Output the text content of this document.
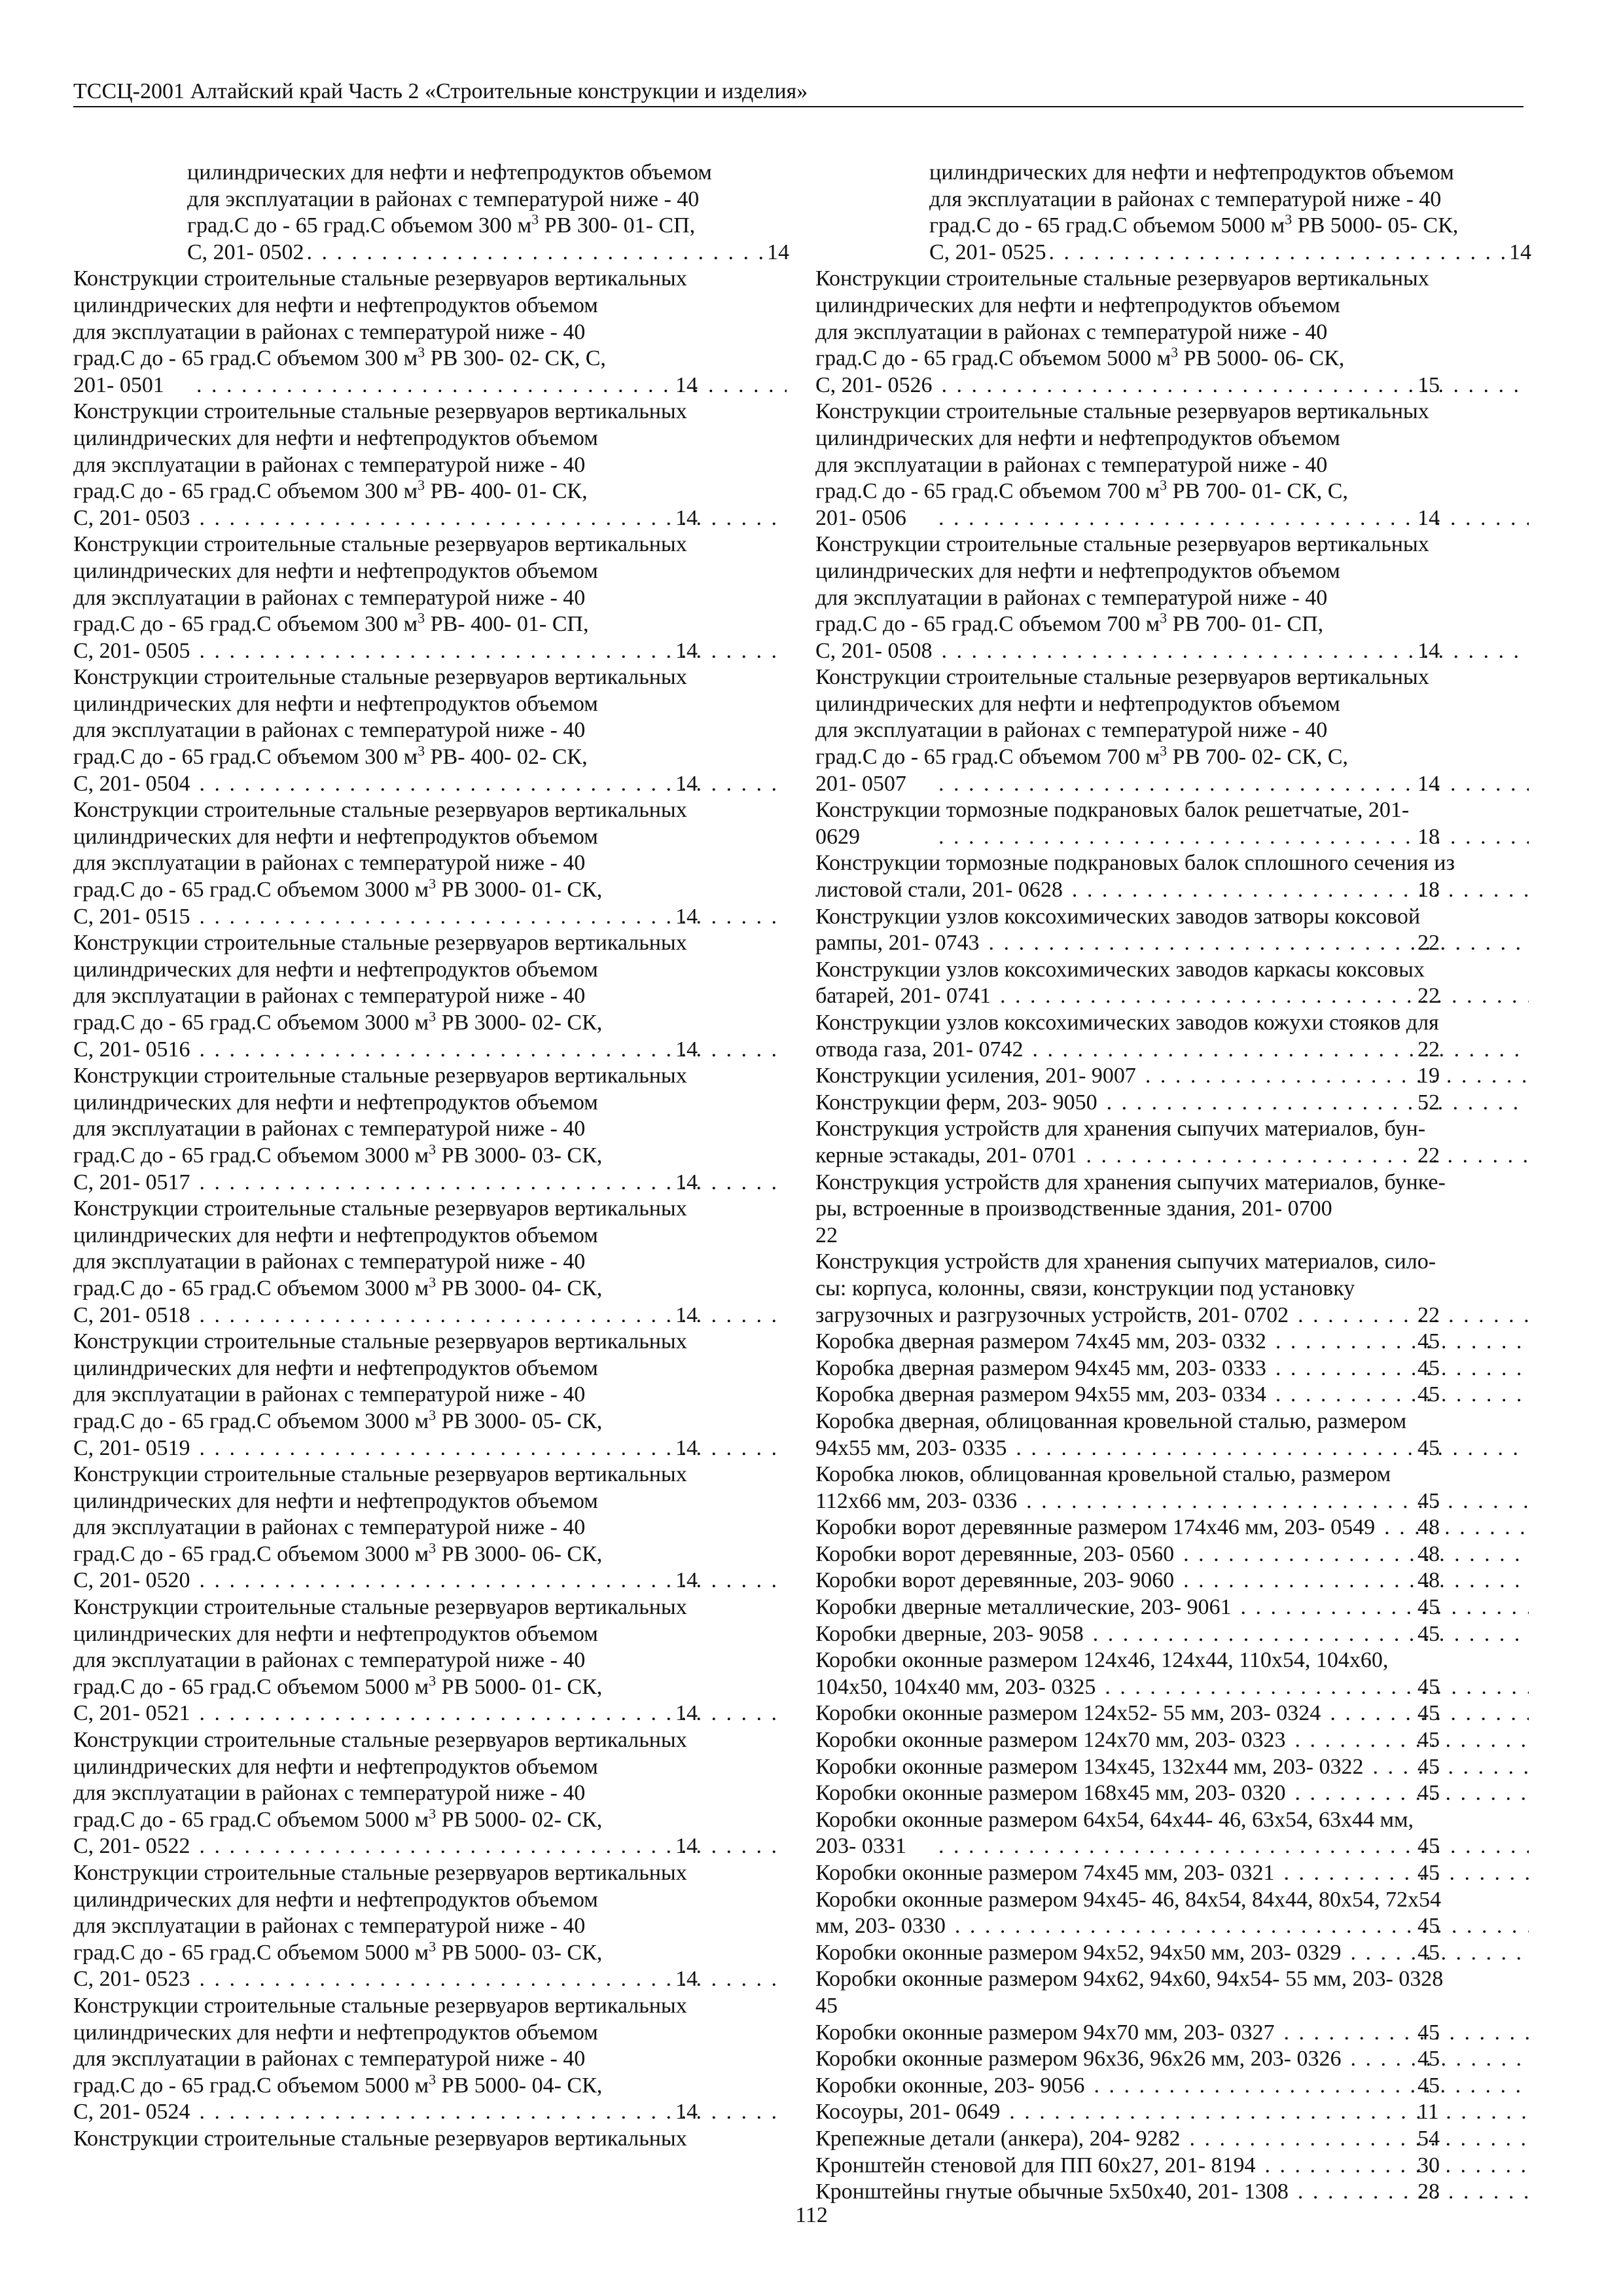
ТССЦ-2001 Алтайский край Часть 2 «Строительные конструкции и изделия»
цилиндрических для нефти и нефтепродуктов объемом
для эксплуатации в районах с температурой ниже - 40
град.С до - 65 град.С объемом 300 $м^3$ РВ 300- 01- СП,
С, 201- 0502 . . .	14
Конструкции строительные стальные резервуаров вертикальных
цилиндрических для нефти и нефтепродуктов объемом
для эксплуатации в районах с температурой ниже - 40
град.С до - 65 град.С объемом 300 $м^3$ РВ 300- 02- СК, С,
201- 0501 . . .	14
Конструкции строительные стальные резервуаров вертикальных
цилиндрических для нефти и нефтепродуктов объемом
для эксплуатации в районах с температурой ниже - 40
град.С до - 65 град.С объемом 300 $м^3$ РВ- 400- 01- СК,
С, 201- 0503 . . .	14
Конструкции строительные стальные резервуаров вертикальных
цилиндрических для нефти и нефтепродуктов объемом
для эксплуатации в районах с температурой ниже - 40
град.С до - 65 град.С объемом 300 $м^3$ РВ- 400- 01- СП,
С, 201- 0505 . . .	14
Конструкции строительные стальные резервуаров вертикальных
цилиндрических для нефти и нефтепродуктов объемом
для эксплуатации в районах с температурой ниже - 40
град.С до - 65 град.С объемом 300 $м^3$ РВ- 400- 02- СК,
С, 201- 0504 . . .	14
Конструкции строительные стальные резервуаров вертикальных
цилиндрических для нефти и нефтепродуктов объемом
для эксплуатации в районах с температурой ниже - 40
град.С до - 65 град.С объемом 3000 $м^3$ РВ 3000- 01- СК,
С, 201- 0515 . . .	14
Конструкции строительные стальные резервуаров вертикальных
цилиндрических для нефти и нефтепродуктов объемом
для эксплуатации в районах с температурой ниже - 40
град.С до - 65 град.С объемом 3000 $м^3$ РВ 3000- 02- СК,
С, 201- 0516 . . .	14
Конструкции строительные стальные резервуаров вертикальных
цилиндрических для нефти и нефтепродуктов объемом
для эксплуатации в районах с температурой ниже - 40
град.С до - 65 град.С объемом 3000 $м^3$ РВ 3000- 03- СК,
С, 201- 0517 . . .	14
Конструкции строительные стальные резервуаров вертикальных
цилиндрических для нефти и нефтепродуктов объемом
для эксплуатации в районах с температурой ниже - 40
град.С до - 65 град.С объемом 3000 $м^3$ РВ 3000- 04- СК,
С, 201- 0518 . . .	14
Конструкции строительные стальные резервуаров вертикальных
цилиндрических для нефти и нефтепродуктов объемом
для эксплуатации в районах с температурой ниже - 40
град.С до - 65 град.С объемом 3000 $м^3$ РВ 3000- 05- СК,
С, 201- 0519 . . .	14
Конструкции строительные стальные резервуаров вертикальных
цилиндрических для нефти и нефтепродуктов объемом
для эксплуатации в районах с температурой ниже - 40
град.С до - 65 град.С объемом 3000 $м^3$ РВ 3000- 06- СК,
С, 201- 0520 . . .	14
Конструкции строительные стальные резервуаров вертикальных
цилиндрических для нефти и нефтепродуктов объемом
для эксплуатации в районах с температурой ниже - 40
град.С до - 65 град.С объемом 5000 $м^3$ РВ 5000- 01- СК,
С, 201- 0521 . . .	14
Конструкции строительные стальные резервуаров вертикальных
цилиндрических для нефти и нефтепродуктов объемом
для эксплуатации в районах с температурой ниже - 40
град.С до - 65 град.С объемом 5000 $м^3$ РВ 5000- 02- СК,
С, 201- 0522 . . .	14
Конструкции строительные стальные резервуаров вертикальных
цилиндрических для нефти и нефтепродуктов объемом
для эксплуатации в районах с температурой ниже - 40
град.С до - 65 град.С объемом 5000 $м^3$ РВ 5000- 03- СК,
С, 201- 0523 . . .	14
Конструкции строительные стальные резервуаров вертикальных
цилиндрических для нефти и нефтепродуктов объемом
для эксплуатации в районах с температурой ниже - 40
град.С до - 65 град.С объемом 5000 $м^3$ РВ 5000- 04- СК,
С, 201- 0524 . . .	14
Конструкции строительные стальные резервуаров вертикальных
цилиндрических для нефти и нефтепродуктов объемом
для эксплуатации в районах с температурой ниже - 40
град.С до - 65 град.С объемом 5000 $м^3$ РВ 5000- 05- СК,
С, 201- 0525 . . .	14
Конструкции строительные стальные резервуаров вертикальных
цилиндрических для нефти и нефтепродуктов объемом
для эксплуатации в районах с температурой ниже - 40
град.С до - 65 град.С объемом 5000 $м^3$ РВ 5000- 06- СК,
С, 201- 0526 . . .	15
Конструкции строительные стальные резервуаров вертикальных
цилиндрических для нефти и нефтепродуктов объемом
для эксплуатации в районах с температурой ниже - 40
град.С до - 65 град.С объемом 700 $м^3$ РВ 700- 01- СК, С,
201- 0506 . . .	14
Конструкции строительные стальные резервуаров вертикальных
цилиндрических для нефти и нефтепродуктов объемом
для эксплуатации в районах с температурой ниже - 40
град.С до - 65 град.С объемом 700 $м^3$ РВ 700- 01- СП,
С, 201- 0508 . . .	14
Конструкции строительные стальные резервуаров вертикальных
цилиндрических для нефти и нефтепродуктов объемом
для эксплуатации в районах с температурой ниже - 40
град.С до - 65 град.С объемом 700 $м^3$ РВ 700- 02- СК, С,
201- 0507 . . .	14
Конструкции тормозные подкрановых балок решетчатые, 201-
0629 . . .	18
Конструкции тормозные подкрановых балок сплошного сечения из
листовой стали, 201- 0628 . . .	18
Конструкции узлов коксохимических заводов затворы коксовой
рампы, 201- 0743 . . .	22
Конструкции узлов коксохимических заводов каркасы коксовых
батарей, 201- 0741 . . .	22
Конструкции узлов коксохимических заводов кожухи стояков для
отвода газа, 201- 0742 . . .	22
Конструкции усиления, 201- 9007 . . .	19
Конструкции ферм, 203- 9050 . . .	52
Конструкция устройств для хранения сыпучих материалов, бун-
керные эстакады, 201- 0701 . . .	22
Конструкция устройств для хранения сыпучих материалов, бунке-
ры, встроенные в производственные здания, 201- 0700
22
Конструкция устройств для хранения сыпучих материалов, сило-
сы: корпуса, колонны, связи, конструкции под установку
загрузочных и разгрузочных устройств, 201- 0702 . . .	22
Коробка дверная размером 74х45 мм, 203- 0332 . . .	45
Коробка дверная размером 94х45 мм, 203- 0333 . . .	45
Коробка дверная размером 94х55 мм, 203- 0334 . . .	45
Коробка дверная, облицованная кровельной сталью, размером
94х55 мм, 203- 0335 . . .	45
Коробка люков, облицованная кровельной сталью, размером
112х66 мм, 203- 0336 . . .	45
Коробки ворот деревянные размером 174х46 мм, 203- 0549 . . . 48
Коробки ворот деревянные, 203- 0560 . . .	48
Коробки ворот деревянные, 203- 9060 . . .	48
Коробки дверные металлические, 203- 9061 . . .	45
Коробки дверные, 203- 9058 . . .	45
Коробки оконные размером 124х46, 124х44, 110х54, 104х60,
104х50, 104х40 мм, 203- 0325 . . .	45
Коробки оконные размером 124х52- 55 мм, 203- 0324 . . .	45
Коробки оконные размером 124х70 мм, 203- 0323 . . .	45
Коробки оконные размером 134х45, 132х44 мм, 203- 0322 . . . 45
Коробки оконные размером 168х45 мм, 203- 0320 . . .	45
Коробки оконные размером 64х54, 64х44- 46, 63х54, 63х44 мм,
203- 0331 . . .	45
Коробки оконные размером 74х45 мм, 203- 0321 . . .	45
Коробки оконные размером 94х45- 46, 84х54, 84х44, 80х54, 72х54
мм, 203- 0330 . . .	45
Коробки оконные размером 94х52, 94х50 мм, 203- 0329 . . .	45
Коробки оконные размером 94х62, 94х60, 94х54- 55 мм, 203- 0328
45
Коробки оконные размером 94х70 мм, 203- 0327 . . .	45
Коробки оконные размером 96х36, 96х26 мм, 203- 0326 . . .	45
Коробки оконные, 203- 9056 . . .	45
Косоуры, 201- 0649 . . .	11
Крепежные детали (анкера), 204- 9282 . . .	54
Кронштейн стеновой для ПП 60х27, 201- 8194 . . .	30
Кронштейны гнутые обычные 5х50х40, 201- 1308 . . .	28
112
